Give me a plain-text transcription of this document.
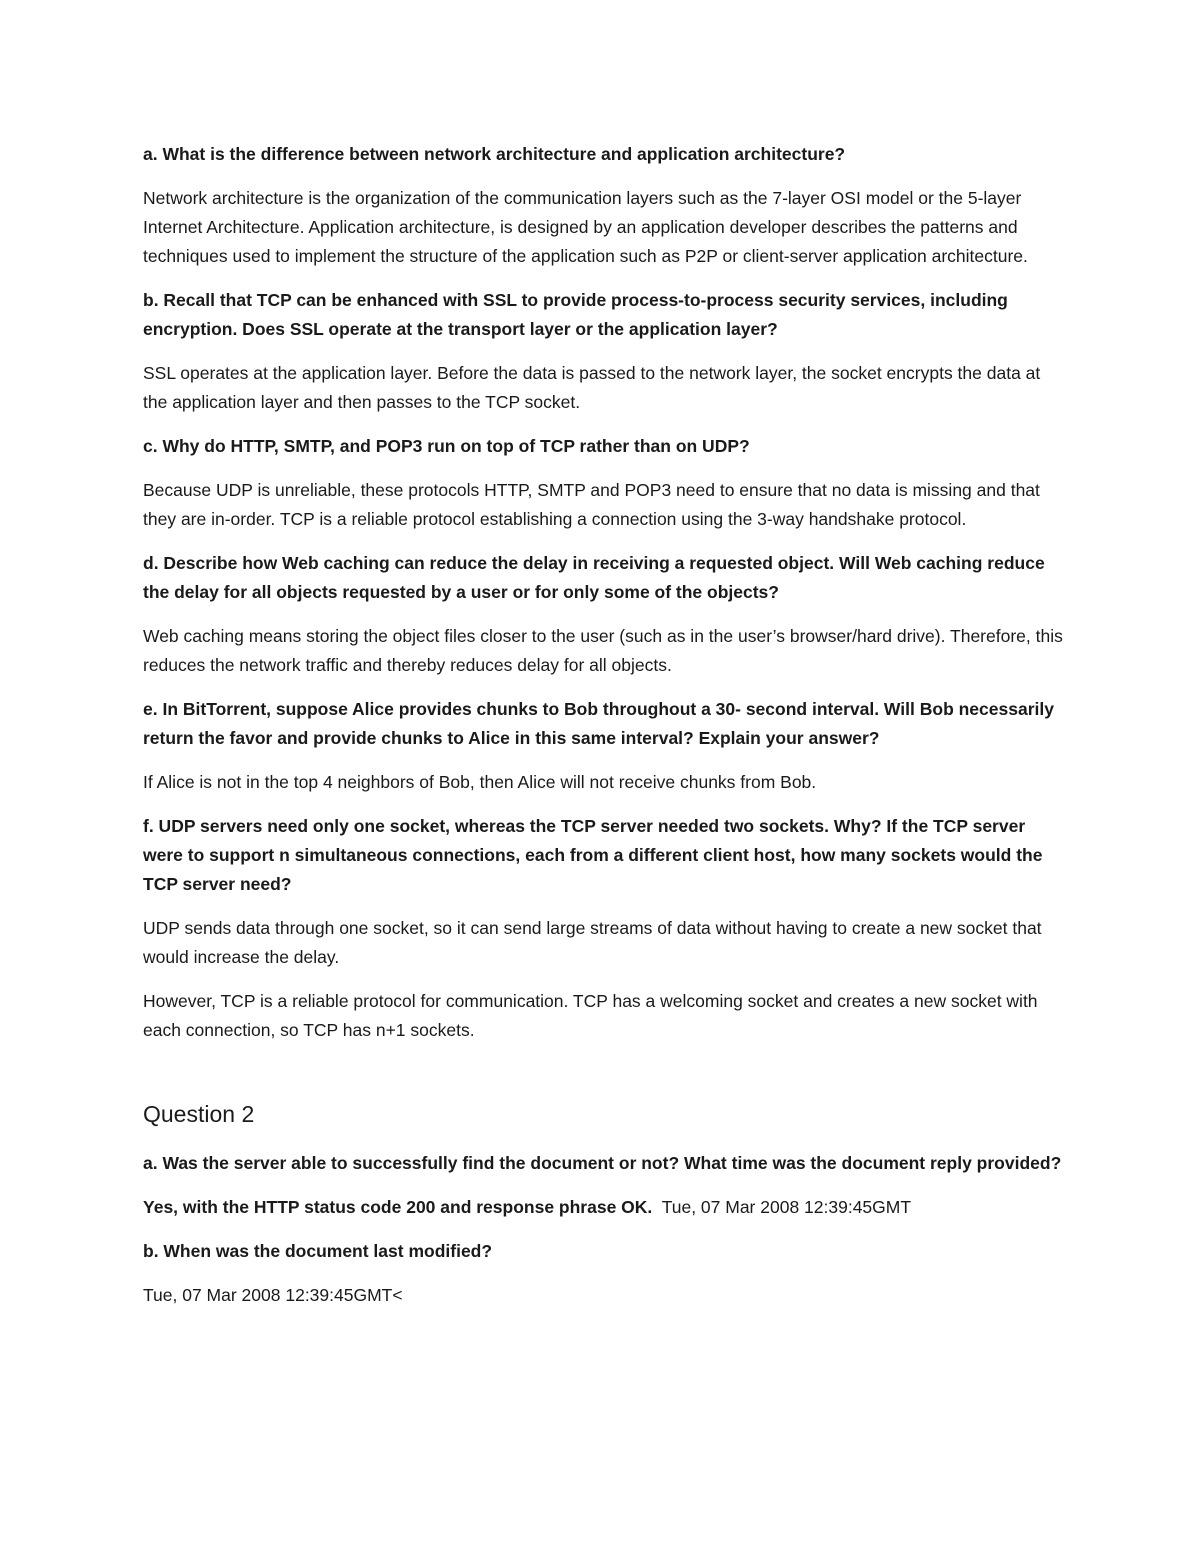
a. What is the difference between network architecture and application architecture?

Network architecture is the organization of the communication layers such as the 7-layer OSI model or the 5-layer Internet Architecture. Application architecture, is designed by an application developer describes the patterns and techniques used to implement the structure of the application such as P2P or client-server application architecture.

b. Recall that TCP can be enhanced with SSL to provide process-to-process security services, including encryption. Does SSL operate at the transport layer or the application layer?

SSL operates at the application layer. Before the data is passed to the network layer, the socket encrypts the data at the application layer and then passes to the TCP socket.

c. Why do HTTP, SMTP, and POP3 run on top of TCP rather than on UDP?

Because UDP is unreliable, these protocols HTTP, SMTP and POP3 need to ensure that no data is missing and that they are in-order. TCP is a reliable protocol establishing a connection using the 3-way handshake protocol.

d. Describe how Web caching can reduce the delay in receiving a requested object. Will Web caching reduce the delay for all objects requested by a user or for only some of the objects?

Web caching means storing the object files closer to the user (such as in the user’s browser/hard drive). Therefore, this reduces the network traffic and thereby reduces delay for all objects.

e. In BitTorrent, suppose Alice provides chunks to Bob throughout a 30- second interval. Will Bob necessarily return the favor and provide chunks to Alice in this same interval? Explain your answer?

If Alice is not in the top 4 neighbors of Bob, then Alice will not receive chunks from Bob.

f. UDP servers need only one socket, whereas the TCP server needed two sockets. Why? If the TCP server were to support n simultaneous connections, each from a different client host, how many sockets would the TCP server need?

UDP sends data through one socket, so it can send large streams of data without having to create a new socket that would increase the delay.

However, TCP is a reliable protocol for communication. TCP has a welcoming socket and creates a new socket with each connection, so TCP has n+1 sockets.

Question 2

a. Was the server able to successfully find the document or not? What time was the document reply provided?

Yes, with the HTTP status code 200 and response phrase OK.  Tue, 07 Mar 2008 12:39:45GMT

b. When was the document last modified?

Tue, 07 Mar 2008 12:39:45GMT<
